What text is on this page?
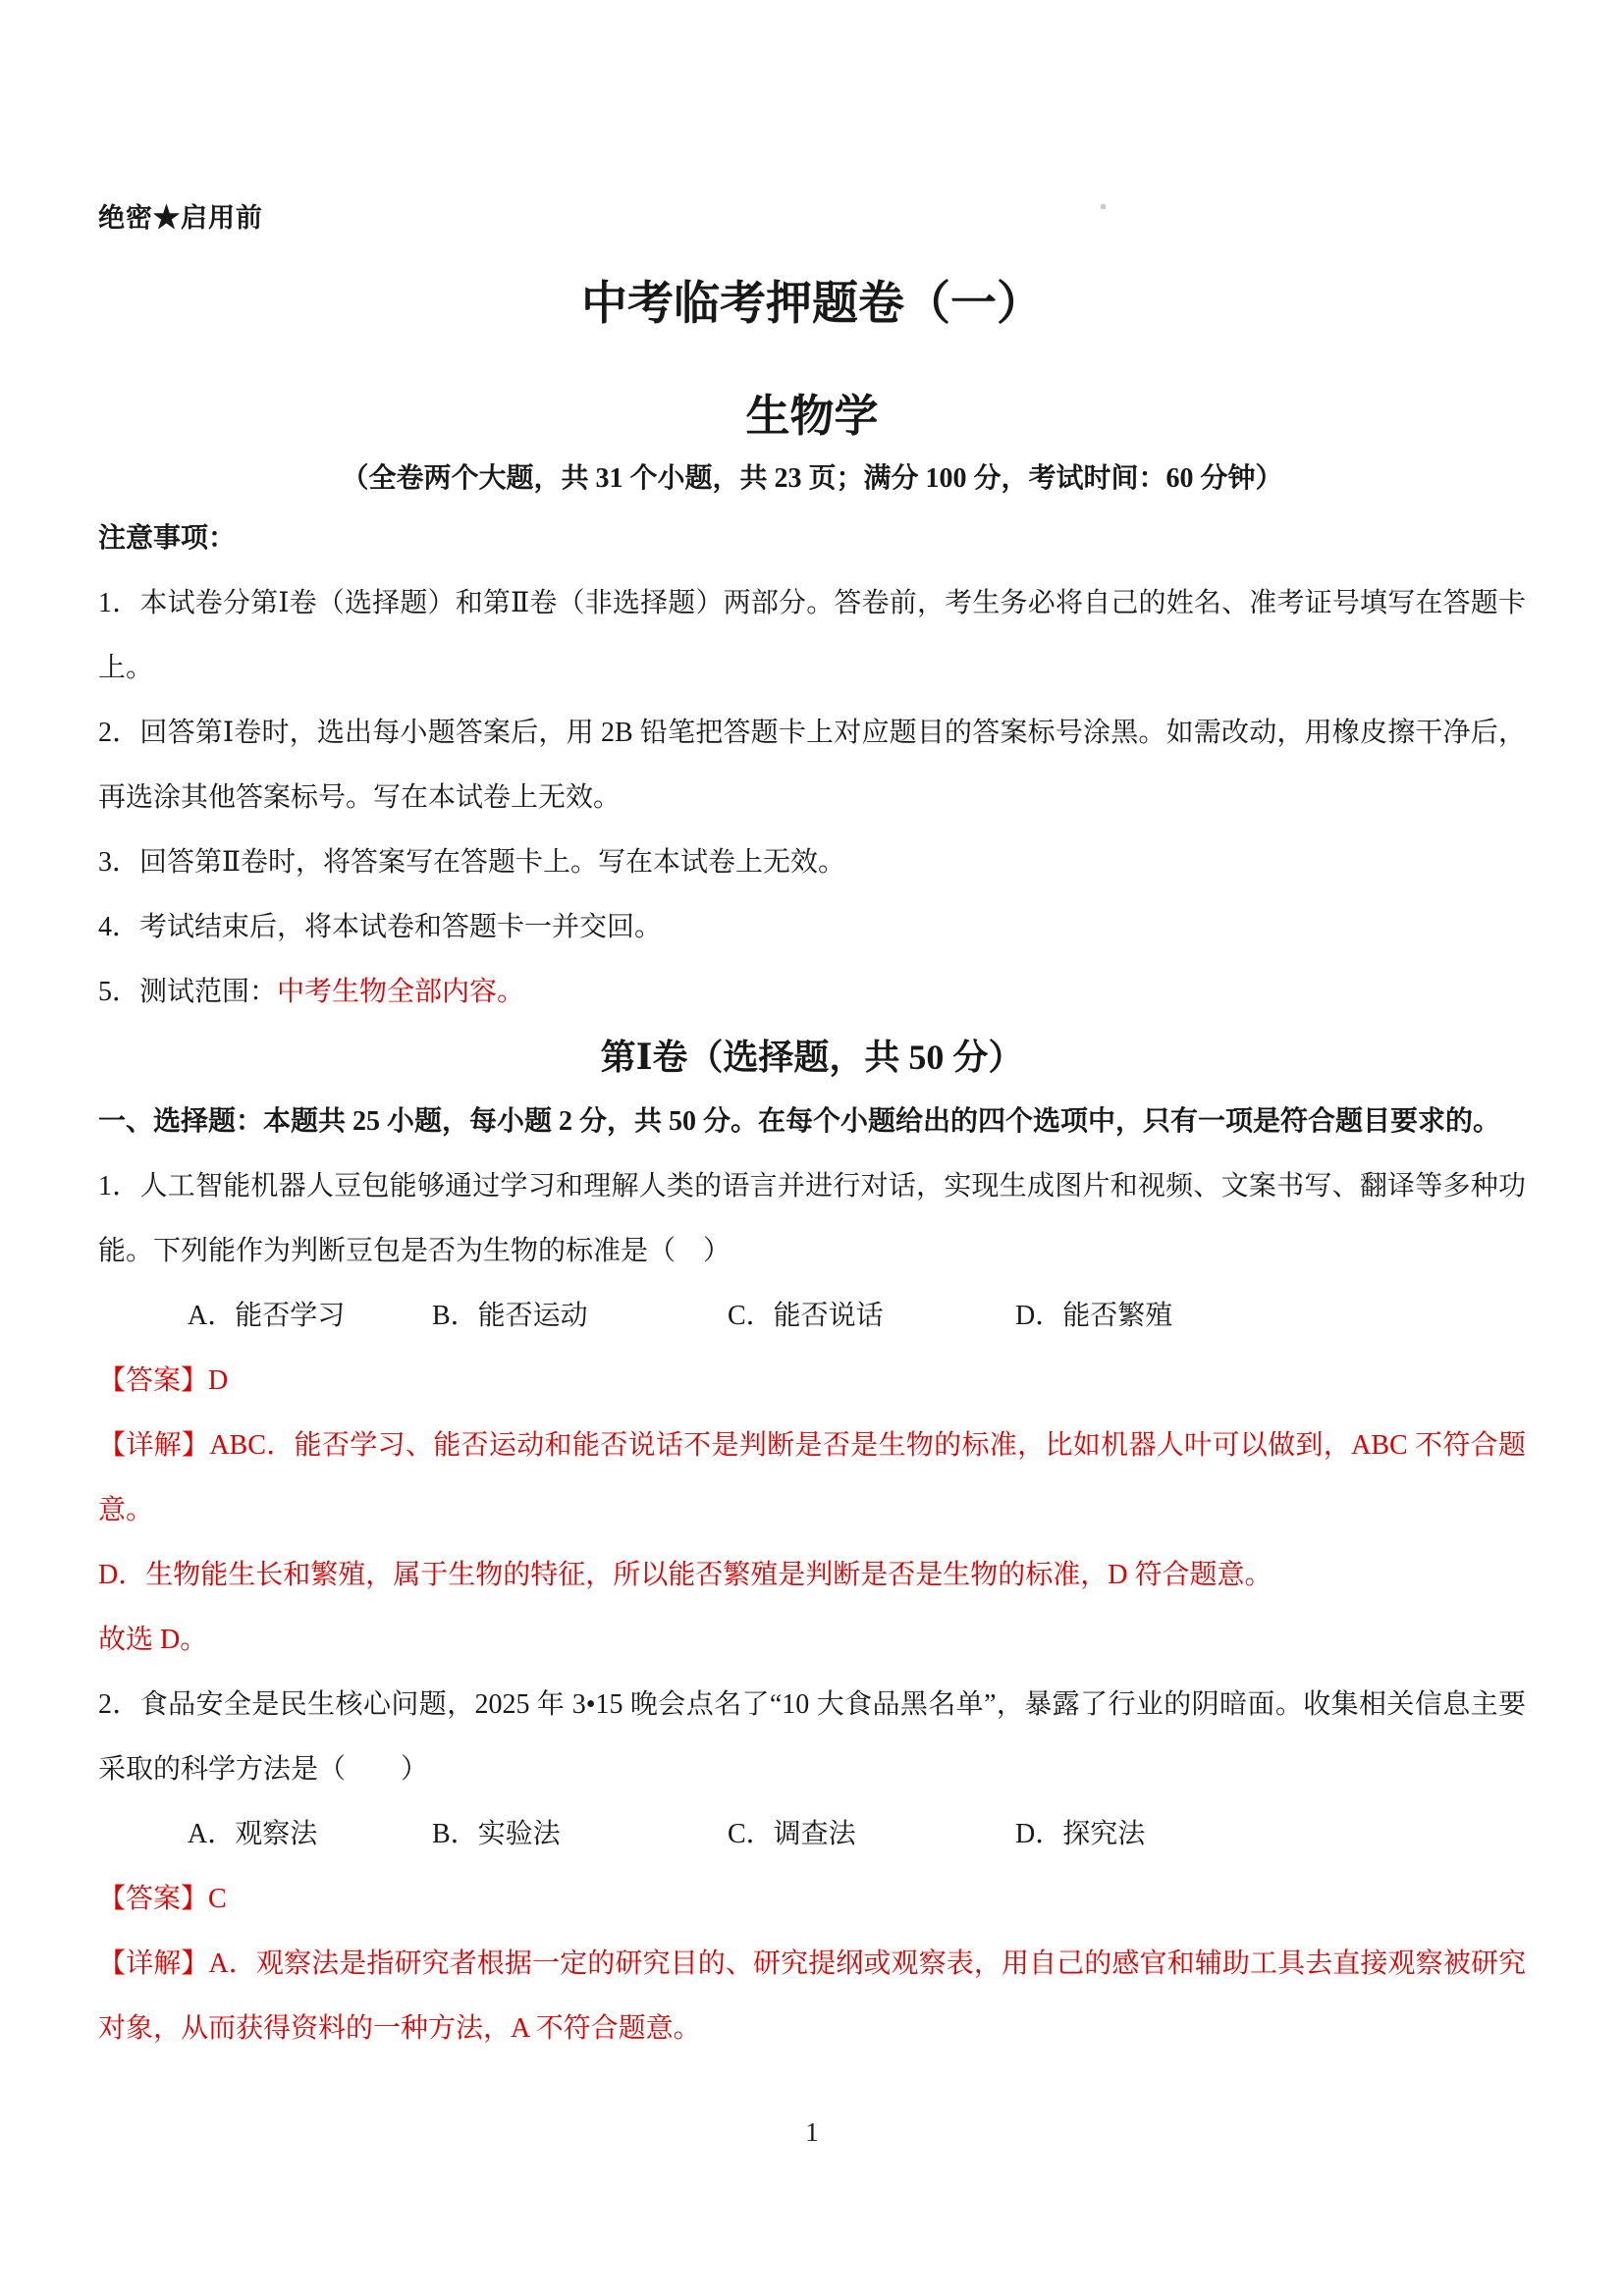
绝密★启用前

中考临考押题卷（一）
生物学

（全卷两个大题，共 31 个小题，共 23 页；满分 100 分，考试时间：60 分钟）

注意事项：

1．本试卷分第Ⅰ卷（选择题）和第Ⅱ卷（非选择题）两部分。答卷前，考生务必将自己的姓名、准考证号填写在答题卡上。

2．回答第Ⅰ卷时，选出每小题答案后，用 2B 铅笔把答题卡上对应题目的答案标号涂黑。如需改动，用橡皮擦干净后，再选涂其他答案标号。写在本试卷上无效。

3．回答第Ⅱ卷时，将答案写在答题卡上。写在本试卷上无效。

4．考试结束后，将本试卷和答题卡一并交回。

5．测试范围：中考生物全部内容。

第Ⅰ卷（选择题，共 50 分）

一、选择题：本题共 25 小题，每小题 2 分，共 50 分。在每个小题给出的四个选项中，只有一项是符合题目要求的。

1．人工智能机器人豆包能够通过学习和理解人类的语言并进行对话，实现生成图片和视频、文案书写、翻译等多种功能。下列能作为判断豆包是否为生物的标准是（　）

A．能否学习	B．能否运动	C．能否说话	D．能否繁殖

【答案】D

【详解】ABC．能否学习、能否运动和能否说话不是判断是否是生物的标准，比如机器人叶可以做到，ABC 不符合题意。

D．生物能生长和繁殖，属于生物的特征，所以能否繁殖是判断是否是生物的标准，D 符合题意。

故选 D。

2．食品安全是民生核心问题，2025 年 3•15 晚会点名了“10 大食品黑名单”，暴露了行业的阴暗面。收集相关信息主要采取的科学方法是（　　）

A．观察法	B．实验法	C．调查法	D．探究法

【答案】C

【详解】A．观察法是指研究者根据一定的研究目的、研究提纲或观察表，用自己的感官和辅助工具去直接观察被研究对象，从而获得资料的一种方法，A 不符合题意。

1
